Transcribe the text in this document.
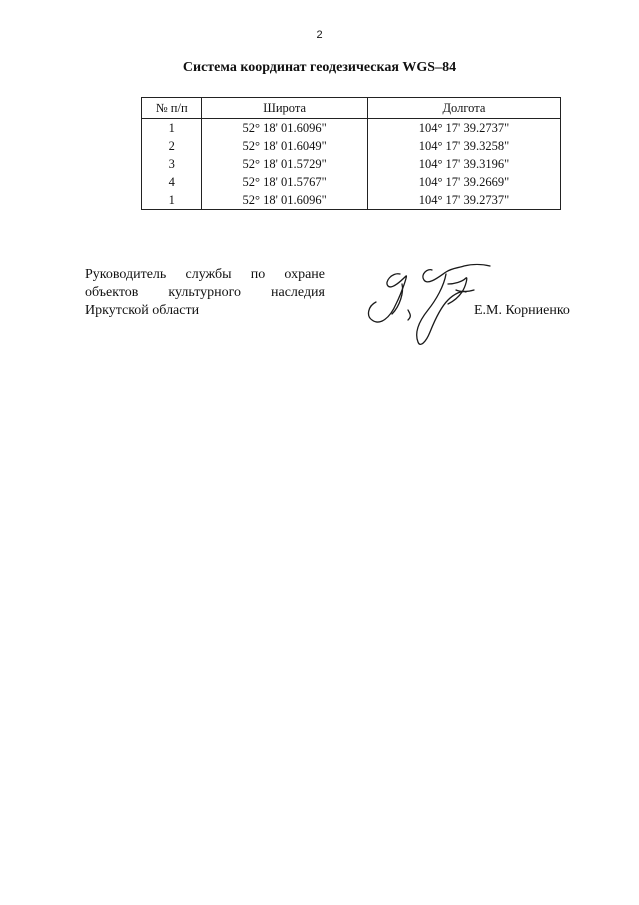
2
Система координат геодезическая WGS–84
№ п/п	Широта	Долгота
1	52° 18' 01.6096"	104° 17' 39.2737"
2	52° 18' 01.6049"	104° 17' 39.3258"
3	52° 18' 01.5729"	104° 17' 39.3196"
4	52° 18' 01.5767"	104° 17' 39.2669"
1	52° 18' 01.6096"	104° 17' 39.2737"
Руководитель службы по охране
объектов культурного наследия
Иркутской области	Е.М. Корниенко
